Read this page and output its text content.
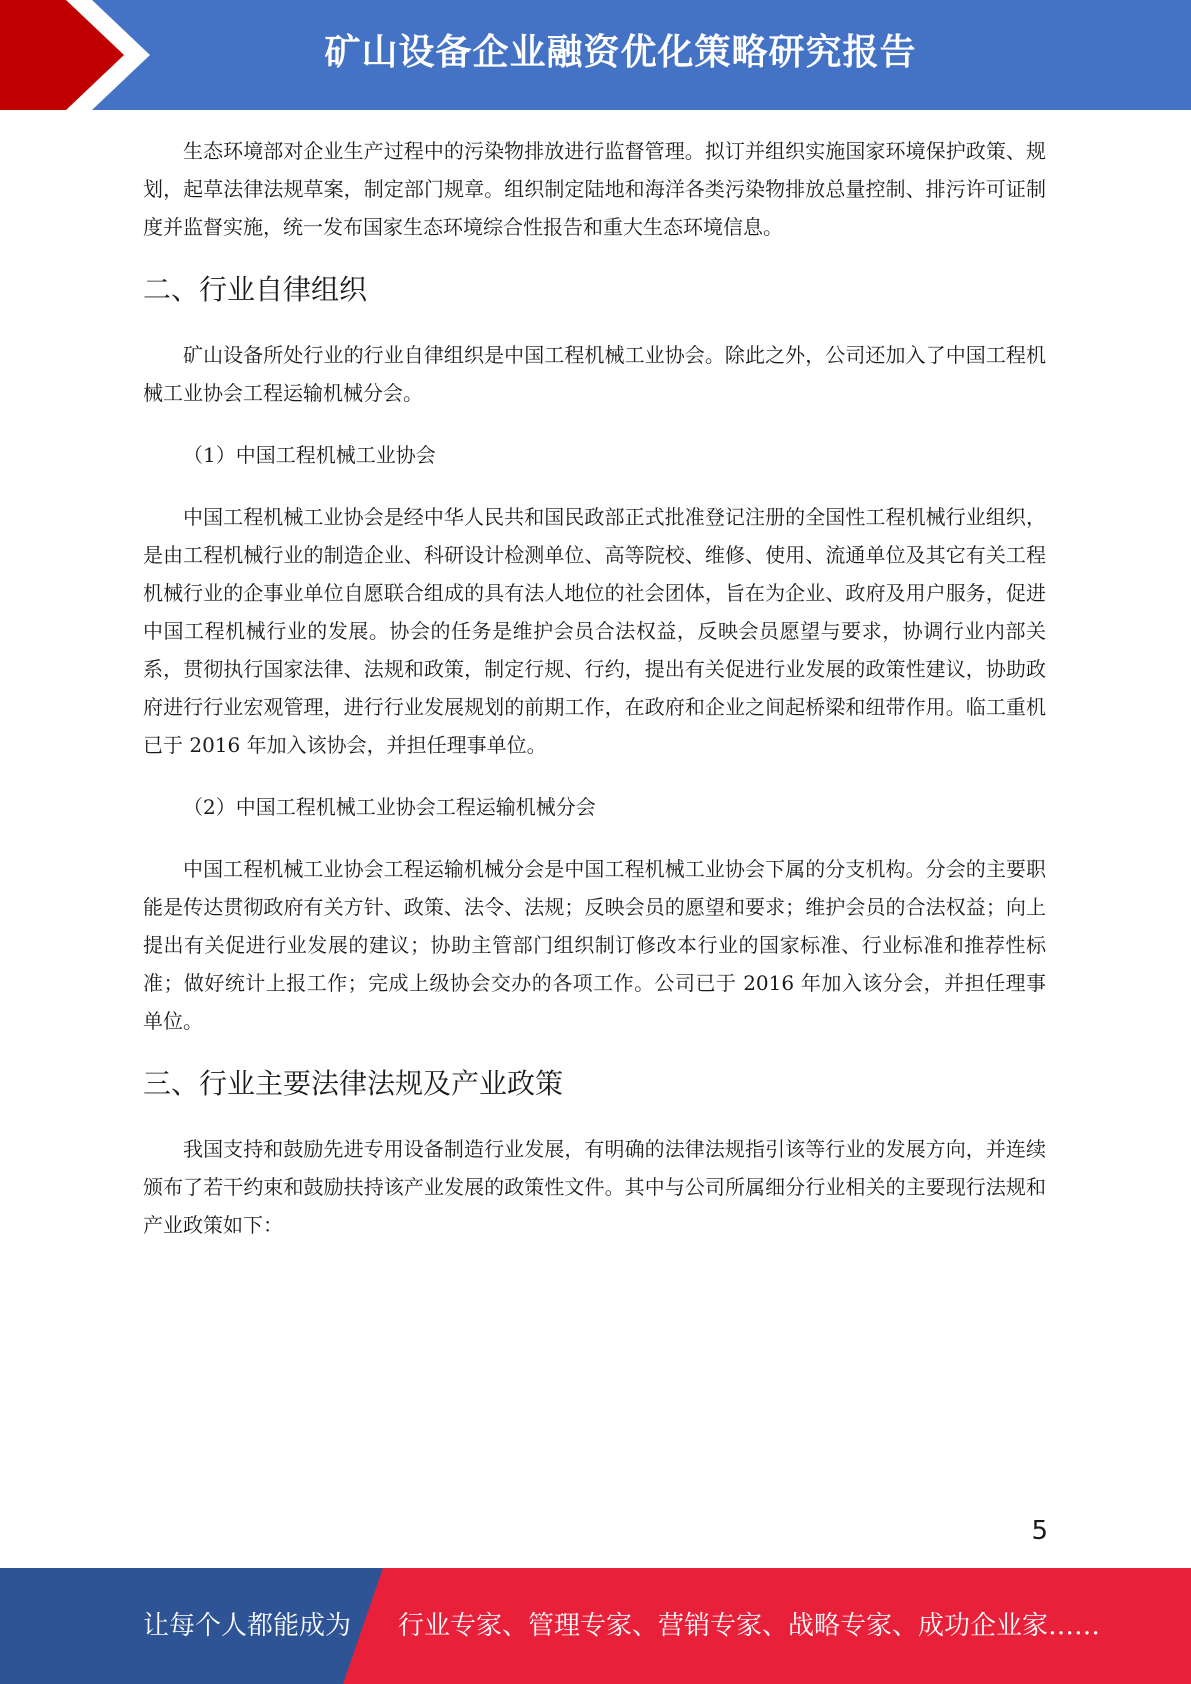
矿山设备企业融资优化策略研究报告

生态环境部对企业生产过程中的污染物排放进行监督管理。拟订并组织实施国家环境保护政策、规划，起草法律法规草案，制定部门规章。组织制定陆地和海洋各类污染物排放总量控制、排污许可证制度并监督实施，统一发布国家生态环境综合性报告和重大生态环境信息。

二、行业自律组织

矿山设备所处行业的行业自律组织是中国工程机械工业协会。除此之外，公司还加入了中国工程机械工业协会工程运输机械分会。

（1）中国工程机械工业协会

中国工程机械工业协会是经中华人民共和国民政部正式批准登记注册的全国性工程机械行业组织，是由工程机械行业的制造企业、科研设计检测单位、高等院校、维修、使用、流通单位及其它有关工程机械行业的企事业单位自愿联合组成的具有法人地位的社会团体，旨在为企业、政府及用户服务，促进中国工程机械行业的发展。协会的任务是维护会员合法权益，反映会员愿望与要求，协调行业内部关系，贯彻执行国家法律、法规和政策，制定行规、行约，提出有关促进行业发展的政策性建议，协助政府进行行业宏观管理，进行行业发展规划的前期工作，在政府和企业之间起桥梁和纽带作用。临工重机已于 2016 年加入该协会，并担任理事单位。

（2）中国工程机械工业协会工程运输机械分会

中国工程机械工业协会工程运输机械分会是中国工程机械工业协会下属的分支机构。分会的主要职能是传达贯彻政府有关方针、政策、法令、法规；反映会员的愿望和要求；维护会员的合法权益；向上提出有关促进行业发展的建议；协助主管部门组织制订修改本行业的国家标准、行业标准和推荐性标准；做好统计上报工作；完成上级协会交办的各项工作。公司已于 2016 年加入该分会，并担任理事单位。

三、行业主要法律法规及产业政策

我国支持和鼓励先进专用设备制造行业发展，有明确的法律法规指引该等行业的发展方向，并连续颁布了若干约束和鼓励扶持该产业发展的政策性文件。其中与公司所属细分行业相关的主要现行法规和产业政策如下：

5
让每个人都能成为 行业专家、管理专家、营销专家、战略专家、成功企业家……
